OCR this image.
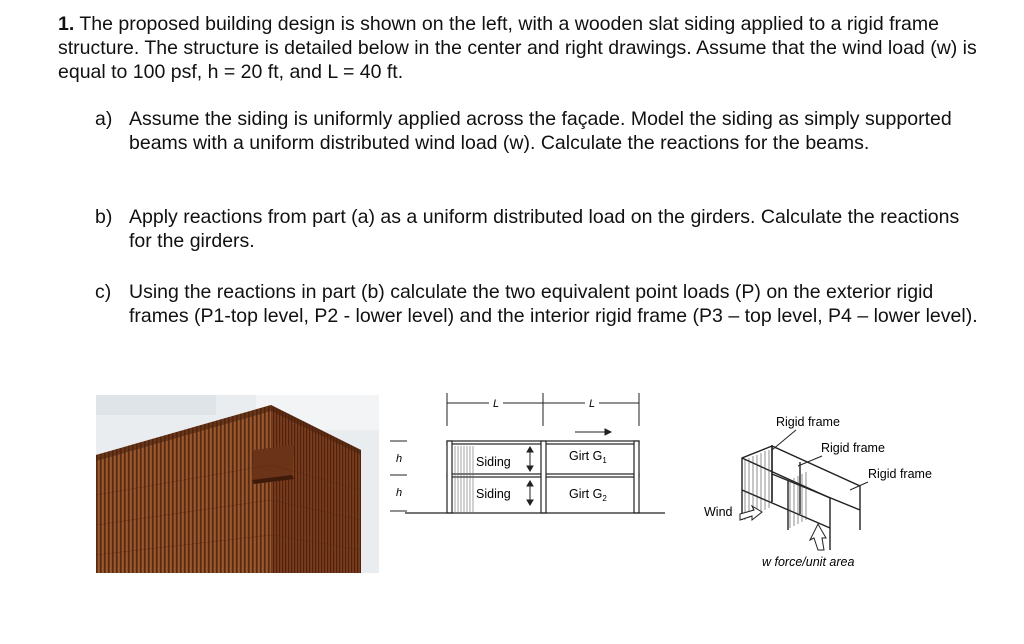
1. The proposed building design is shown on the left, with a wooden slat siding applied to a rigid frame structure. The structure is detailed below in the center and right drawings. Assume that the wind load (w) is equal to 100 psf, h = 20 ft, and L = 40 ft.
a) Assume the siding is uniformly applied across the façade. Model the siding as simply supported beams with a uniform distributed wind load (w). Calculate the reactions for the beams.
b) Apply reactions from part (a) as a uniform distributed load on the girders. Calculate the reactions for the girders.
c) Using the reactions in part (b) calculate the two equivalent point loads (P) on the exterior rigid frames (P1-top level, P2 - lower level) and the interior rigid frame (P3 – top level, P4 – lower level).
L	L
h
h
Siding
Siding
Girt $G_1$
Girt $G_2$
Rigid frame
Rigid frame
Rigid frame
Wind
w force/unit area
